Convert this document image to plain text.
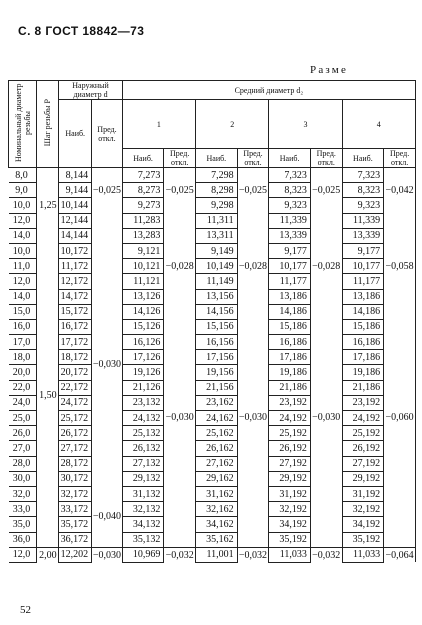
С. 8 ГОСТ 18842—73
Разме
Номинальный диаметр резьбы	Шаг резьбы P	Наружный диаметр d		Средний диаметр d₂							
		Наиб.	Пред. откл.	1		2		3		4	
				Наиб.	Пред. откл.	Наиб.	Пред. откл.	Наиб.	Пред. откл.	Наиб.	Пред. откл.
8,0	1,25	8,144	−0,025	7,273	−0,025	7,298	−0,025	7,323	−0,025	7,323	−0,042
9,0		9,144		8,273		8,298		8,323		8,323	
10,0		10,144		9,273		9,298		9,323		9,323	
12,0		12,144		11,283		11,311		11,339		11,339	
14,0		14,144		13,283		13,311		13,339		13,339	
10,0	1,50	10,172	−0,030	9,121	−0,028	9,149	−0,028	9,177	−0,028	9,177	−0,058
11,0		11,172		10,121		10,149		10,177		10,177	
12,0		12,172		11,121		11,149		11,177		11,177	
14,0		14,172		13,126	−0,030	13,156	−0,030	13,186	−0,030	13,186	−0,060
15,0		15,172		14,126		14,156		14,186		14,186	
16,0		16,172		15,126		15,156		15,186		15,186	
17,0		17,172		16,126		16,156		16,186		16,186	
18,0		18,172		17,126		17,156		17,186		17,186	
20,0		20,172		19,126		19,156		19,186		19,186	
22,0		22,172		21,126		21,156		21,186		21,186	
24,0		24,172		23,132		23,162		23,192		23,192	
25,0		25,172		24,132		24,162		24,192		24,192	
26,0		26,172		25,132		25,162		25,192		25,192	
27,0		27,172		26,132		26,162		26,192		26,192	
28,0		28,172		27,132		27,162		27,192		27,192	
30,0		30,172		29,132		29,162		29,192		29,192	
32,0		32,172	−0,040	31,132		31,162		31,192		31,192	
33,0		33,172		32,132		32,162		32,192		32,192	
35,0		35,172		34,132		34,162		34,192		34,192	
36,0		36,172		35,132		35,162		35,192		35,192	
12,0	2,00	12,202	−0,030	10,969	−0,032	11,001	−0,032	11,033	−0,032	11,033	−0,064
52
